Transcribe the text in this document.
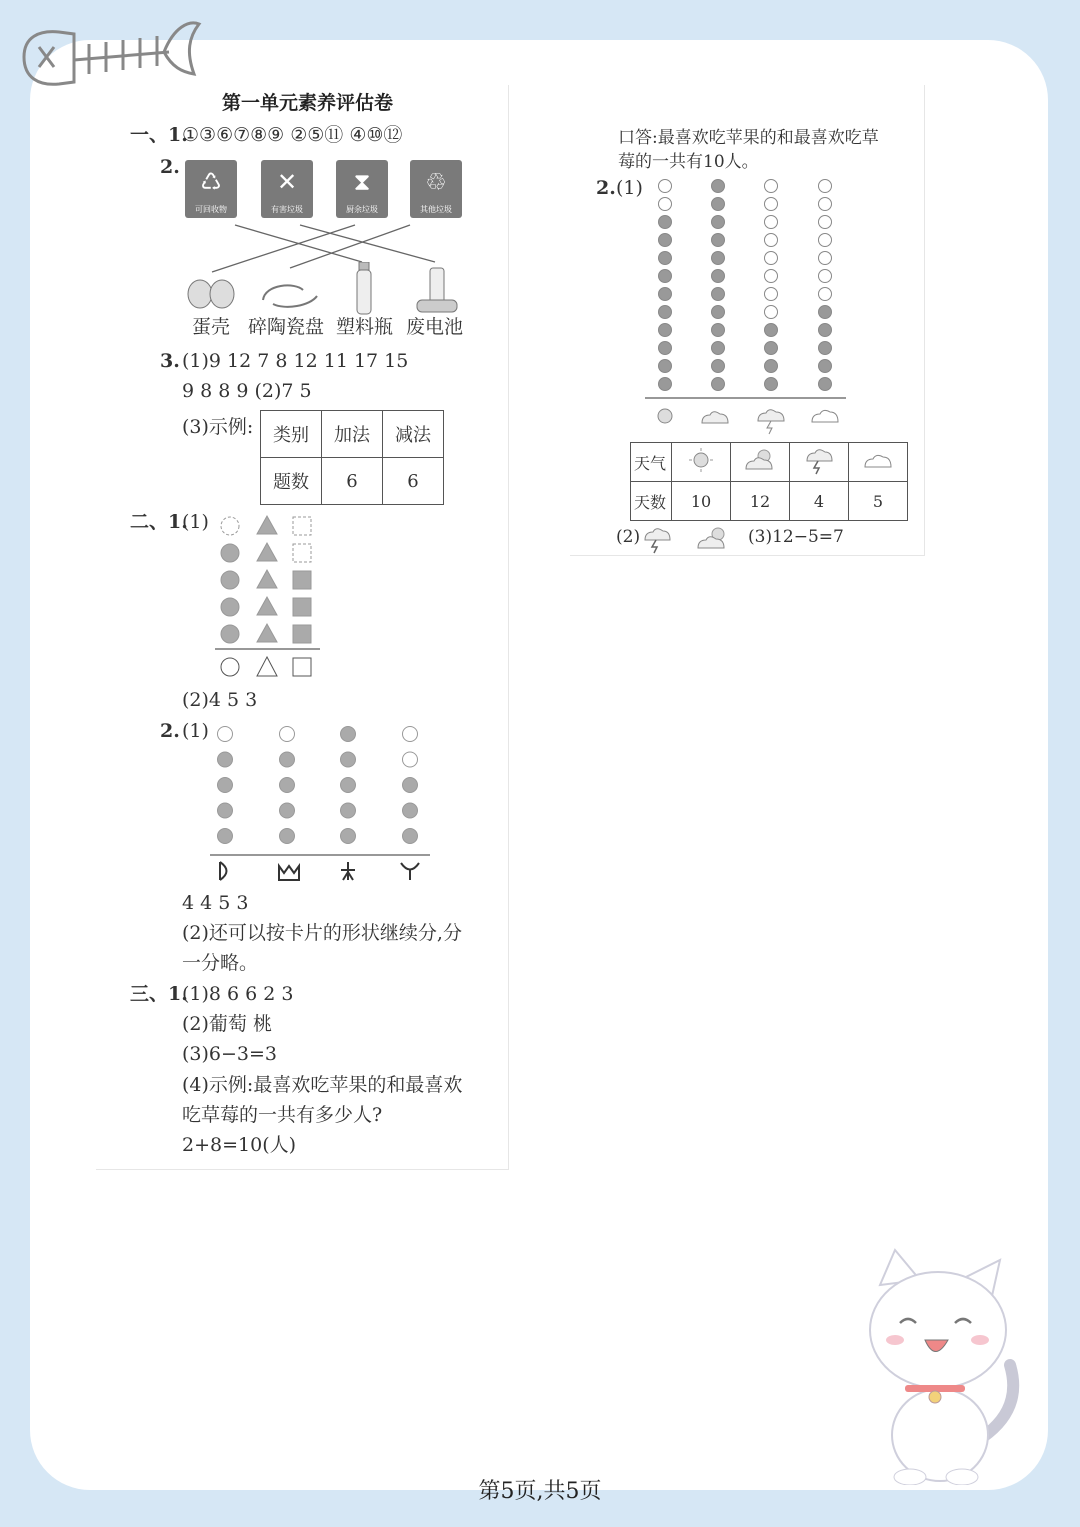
第一单元素养评估卷
一、1.
①③⑥⑦⑧⑨ ②⑤⑪ ④⑩⑫
2.
♺
可回收物
✕
有害垃圾
⧗
厨余垃圾
♲
其他垃圾
蛋壳 碎陶瓷盘 塑料瓶 废电池
3. (1)9 12 7 8 12 11 17 15
9 8 8 9 (2)7 5
(3)示例: 类别	加法	减法
题数	6	6
二、1.
(1)
(2)4 5 3
2. (1)
4 4 5 3
(2)还可以按卡片的形状继续分,分
一分略。
三、1.
(1)8 6 6 2 3
(2)葡萄 桃
(3)6−3=3
(4)示例:最喜欢吃苹果的和最喜欢
吃草莓的一共有多少人?
2+8=10(人)
口答:最喜欢吃苹果的和最喜欢吃草
莓的一共有10人。
2. (1)
天气				
天数	10	12	4	5
(2)	(3)12−5=7
第5页,共5页
